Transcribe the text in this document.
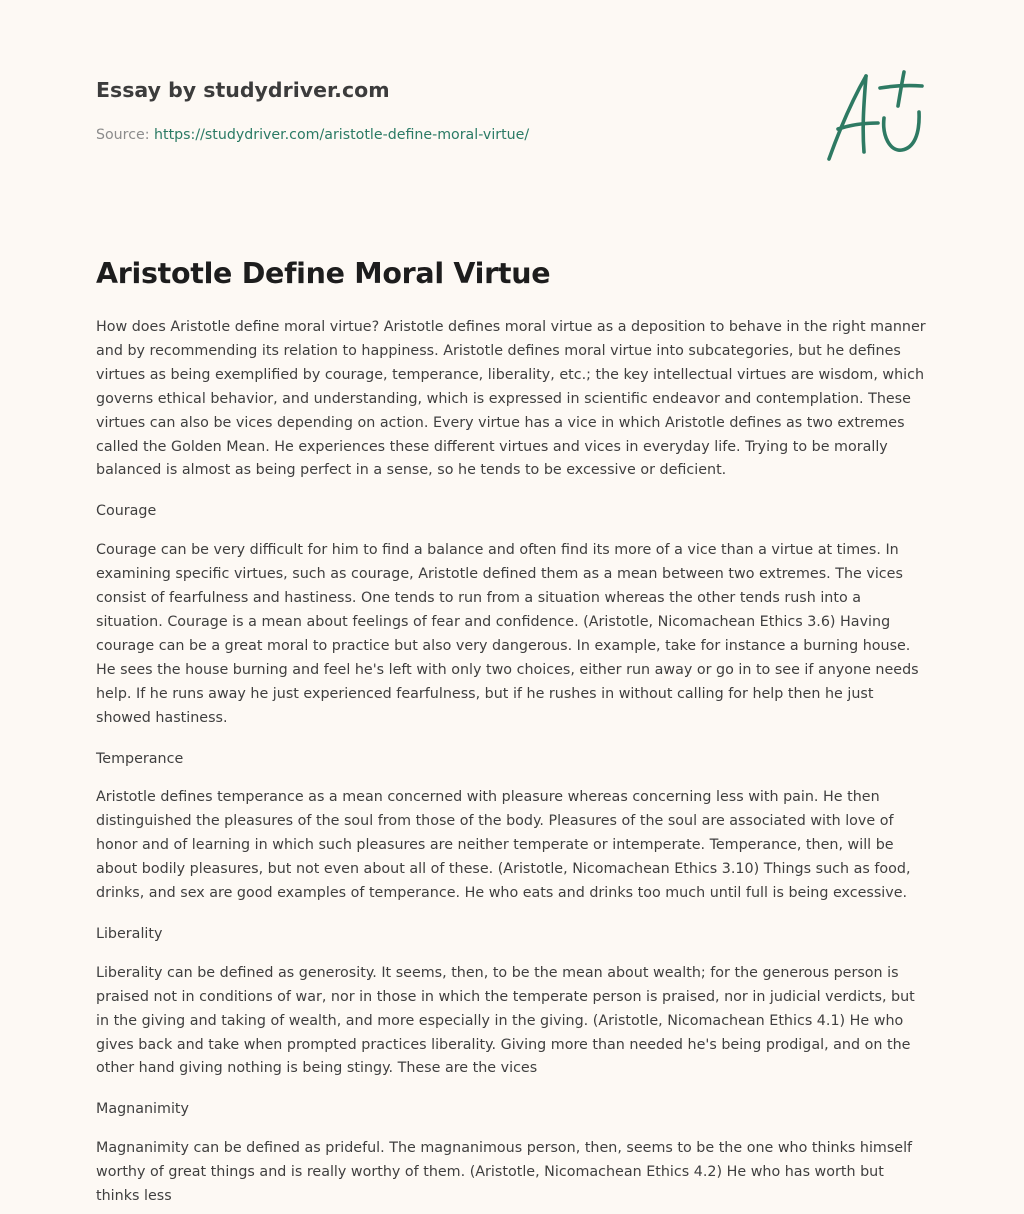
Essay by studydriver.com
Source: https://studydriver.com/aristotle-define-moral-virtue/
Aristotle Define Moral Virtue

How does Aristotle define moral virtue? Aristotle defines moral virtue as a deposition to behave in the right manner and by recommending its relation to happiness. Aristotle defines moral virtue into subcategories, but he defines virtues as being exemplified by courage, temperance, liberality, etc.; the key intellectual virtues are wisdom, which governs ethical behavior, and understanding, which is expressed in scientific endeavor and contemplation. These virtues can also be vices depending on action. Every virtue has a vice in which Aristotle defines as two extremes called the Golden Mean. He experiences these different virtues and vices in everyday life. Trying to be morally balanced is almost as being perfect in a sense, so he tends to be excessive or deficient.

Courage

Courage can be very difficult for him to find a balance and often find its more of a vice than a virtue at times. In examining specific virtues, such as courage, Aristotle defined them as a mean between two extremes. The vices consist of fearfulness and hastiness. One tends to run from a situation whereas the other tends rush into a situation. Courage is a mean about feelings of fear and confidence. (Aristotle, Nicomachean Ethics 3.6) Having courage can be a great moral to practice but also very dangerous. In example, take for instance a burning house. He sees the house burning and feel he's left with only two choices, either run away or go in to see if anyone needs help. If he runs away he just experienced fearfulness, but if he rushes in without calling for help then he just showed hastiness.

Temperance

Aristotle defines temperance as a mean concerned with pleasure whereas concerning less with pain. He then distinguished the pleasures of the soul from those of the body. Pleasures of the soul are associated with love of honor and of learning in which such pleasures are neither temperate or intemperate. Temperance, then, will be about bodily pleasures, but not even about all of these. (Aristotle, Nicomachean Ethics 3.10) Things such as food, drinks, and sex are good examples of temperance. He who eats and drinks too much until full is being excessive.

Liberality

Liberality can be defined as generosity. It seems, then, to be the mean about wealth; for the generous person is praised not in conditions of war, nor in those in which the temperate person is praised, nor in judicial verdicts, but in the giving and taking of wealth, and more especially in the giving. (Aristotle, Nicomachean Ethics 4.1) He who gives back and take when prompted practices liberality. Giving more than needed he's being prodigal, and on the other hand giving nothing is being stingy. These are the vices

Magnanimity

Magnanimity can be defined as prideful. The magnanimous person, then, seems to be the one who thinks himself worthy of great things and is really worthy of them. (Aristotle, Nicomachean Ethics 4.2) He who has worth but thinks less
